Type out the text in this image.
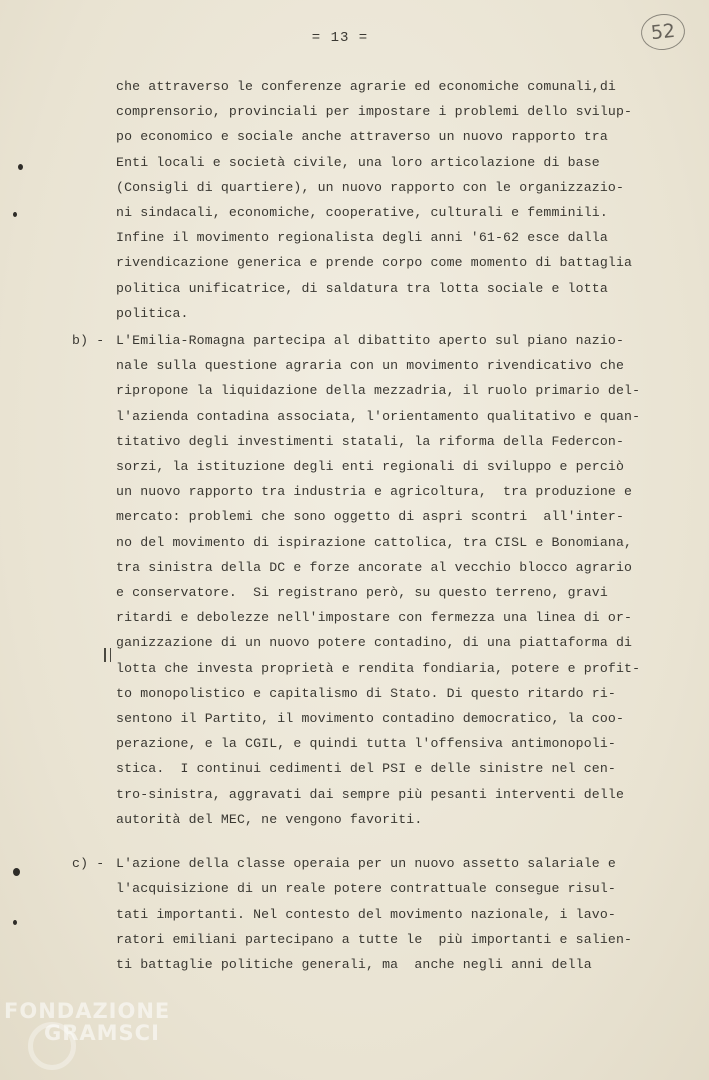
= 13 =	52
che attraverso le conferenze agrarie ed economiche comunali,di
comprensorio, provinciali per impostare i problemi dello svilup-
po economico e sociale anche attraverso un nuovo rapporto tra
Enti locali e società civile, una loro articolazione di base
(Consigli di quartiere), un nuovo rapporto con le organizzazio-
ni sindacali, economiche, cooperative, culturali e femminili.
Infine il movimento regionalista degli anni '61-62 esce dalla
rivendicazione generica e prende corpo come momento di battaglia
politica unificatrice, di saldatura tra lotta sociale e lotta
politica.
b) - L'Emilia-Romagna partecipa al dibattito aperto sul piano nazio-
nale sulla questione agraria con un movimento rivendicativo che
ripropone la liquidazione della mezzadria, il ruolo primario del-
l'azienda contadina associata, l'orientamento qualitativo e quan-
titativo degli investimenti statali, la riforma della Federcon-
sorzi, la istituzione degli enti regionali di sviluppo e perciò
un nuovo rapporto tra industria e agricoltura,  tra produzione e
mercato: problemi che sono oggetto di aspri scontri  all'inter-
no del movimento di ispirazione cattolica, tra CISL e Bonomiana,
tra sinistra della DC e forze ancorate al vecchio blocco agrario
e conservatore.  Si registrano però, su questo terreno, gravi
ritardi e debolezze nell'impostare con fermezza una linea di or-
ganizzazione di un nuovo potere contadino, di una piattaforma di
lotta che investa proprietà e rendita fondiaria, potere e profit-
to monopolistico e capitalismo di Stato. Di questo ritardo ri-
sentono il Partito, il movimento contadino democratico, la coo-
perazione, e la CGIL, e quindi tutta l'offensiva antimonopoli-
stica.  I continui cedimenti del PSI e delle sinistre nel cen-
tro-sinistra, aggravati dai sempre più pesanti interventi delle
autorità del MEC, ne vengono favoriti.
c) - L'azione della classe operaia per un nuovo assetto salariale e
l'acquisizione di un reale potere contrattuale consegue risul-
tati importanti. Nel contesto del movimento nazionale, i lavo-
ratori emiliani partecipano a tutte le  più importanti e salien-
ti battaglie politiche generali, ma  anche negli anni della
FONDAZIONE
GRAMSCI
